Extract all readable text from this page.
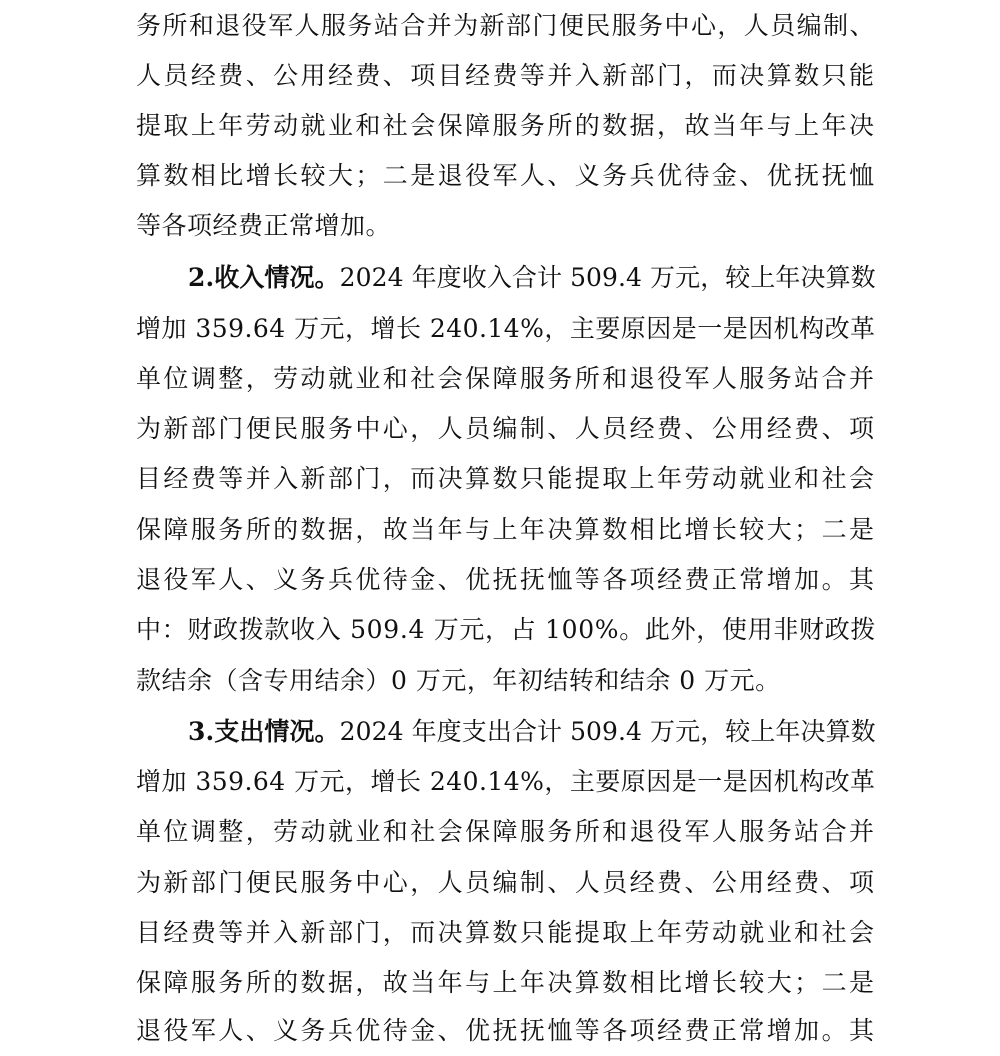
务所和退役军人服务站合并为新部门便民服务中心，人员编制、
人员经费、公用经费、项目经费等并入新部门，而决算数只能
提取上年劳动就业和社会保障服务所的数据，故当年与上年决
算数相比增长较大；二是退役军人、义务兵优待金、优抚抚恤
等各项经费正常增加。
2.收入情况。2024 年度收入合计 509.4 万元，较上年决算数
增加 359.64 万元，增长 240.14%，主要原因是一是因机构改革
单位调整，劳动就业和社会保障服务所和退役军人服务站合并
为新部门便民服务中心，人员编制、人员经费、公用经费、项
目经费等并入新部门，而决算数只能提取上年劳动就业和社会
保障服务所的数据，故当年与上年决算数相比增长较大；二是
退役军人、义务兵优待金、优抚抚恤等各项经费正常增加。其
中：财政拨款收入 509.4 万元，占 100%。此外，使用非财政拨
款结余（含专用结余）0 万元，年初结转和结余 0 万元。
3.支出情况。2024 年度支出合计 509.4 万元，较上年决算数
增加 359.64 万元，增长 240.14%，主要原因是一是因机构改革
单位调整，劳动就业和社会保障服务所和退役军人服务站合并
为新部门便民服务中心，人员编制、人员经费、公用经费、项
目经费等并入新部门，而决算数只能提取上年劳动就业和社会
保障服务所的数据，故当年与上年决算数相比增长较大；二是
退役军人、义务兵优待金、优抚抚恤等各项经费正常增加。其
